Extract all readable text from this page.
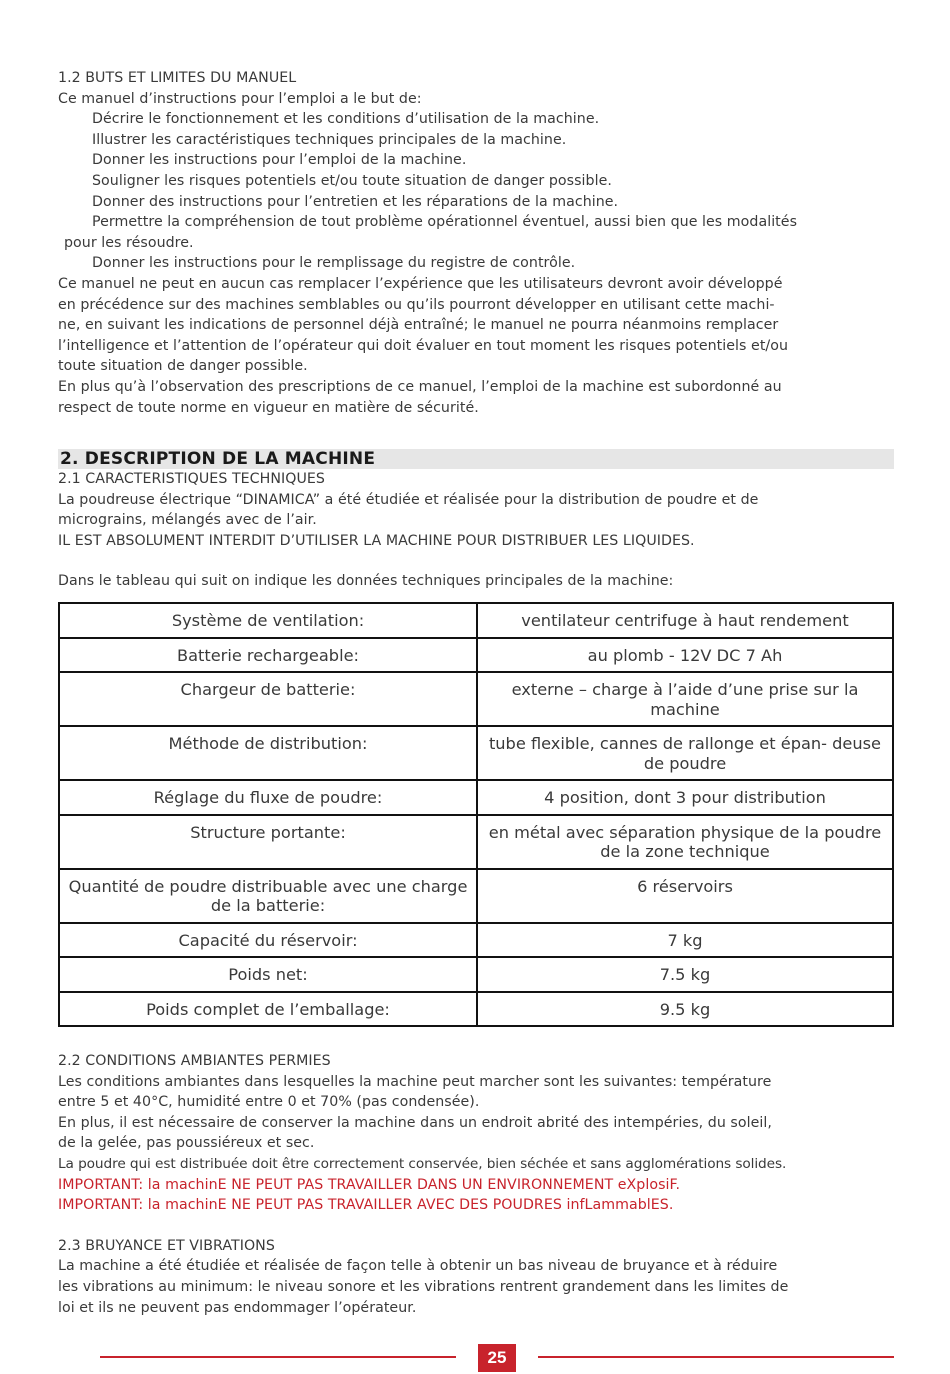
1.2 BUTS ET LIMITES DU MANUEL
Ce manuel d’instructions pour l’emploi a le but de:
Décrire le fonctionnement et les conditions d’utilisation de la machine.
Illustrer les caractéristiques techniques principales de la machine.
Donner les instructions pour l’emploi de la machine.
Souligner les risques potentiels et/ou toute situation de danger possible.
Donner des instructions pour l’entretien et les réparations de la machine.
Permettre la compréhension de tout problème opérationnel éventuel, aussi bien que les modalités
pour les résoudre.
Donner les instructions pour le remplissage du registre de contrôle.
Ce manuel ne peut en aucun cas remplacer l’expérience que les utilisateurs devront avoir développé
en précédence sur des machines semblables ou qu’ils pourront développer en utilisant cette machi-
ne, en suivant les indications de personnel déjà entraîné; le manuel ne pourra néanmoins remplacer
l’intelligence et l’attention de l’opérateur qui doit évaluer en tout moment les risques potentiels et/ou
toute situation de danger possible.
En plus qu’à l’observation des prescriptions de ce manuel, l’emploi de la machine est subordonné au
respect de toute norme en vigueur en matière de sécurité.
2. DESCRIPTION DE LA MACHINE
2.1 CARACTERISTIQUES TECHNIQUES
La poudreuse électrique “DINAMICA” a été étudiée et réalisée pour la distribution de poudre et de
micrograins, mélangés avec de l’air.
IL EST ABSOLUMENT INTERDIT D’UTILISER LA MACHINE POUR DISTRIBUER LES LIQUIDES.
Dans le tableau qui suit on indique les données techniques principales de la machine:
Système de ventilation:	ventilateur centrifuge à haut rendement
Batterie rechargeable:	au plomb - 12V DC 7 Ah
Chargeur de batterie:	externe – charge à l’aide d’une prise sur la machine
Méthode de distribution:	tube flexible, cannes de rallonge et épan- deuse de poudre
Réglage du fluxe de poudre:	4 position, dont 3 pour distribution
Structure portante:	en métal avec séparation physique de la poudre de la zone technique
Quantité de poudre distribuable avec une charge de la batterie:	6 réservoirs
Capacité du réservoir:	7 kg
Poids net:	7.5 kg
Poids complet de l’emballage:	9.5 kg
2.2 CONDITIONS AMBIANTES PERMIES
Les conditions ambiantes dans lesquelles la machine peut marcher sont les suivantes: température
entre 5 et 40°C, humidité entre 0 et 70% (pas condensée).
En plus, il est nécessaire de conserver la machine dans un endroit abrité des intempéries, du soleil,
de la gelée, pas poussiéreux et sec.
La poudre qui est distribuée doit être correctement conservée, bien séchée et sans agglomérations solides.
IMPORTANT: la machinE NE PEUT PAS TRAVAILLER DANS UN ENVIRONNEMENT eXplosiF.
IMPORTANT: la machinE NE PEUT PAS TRAVAILLER AVEC DES POUDRES infLammablES.
2.3 BRUYANCE ET VIBRATIONS
La machine a été étudiée et réalisée de façon telle à obtenir un bas niveau de bruyance et à réduire
les vibrations au minimum: le niveau sonore et les vibrations rentrent grandement dans les limites de
loi et ils ne peuvent pas endommager l’opérateur.
25
